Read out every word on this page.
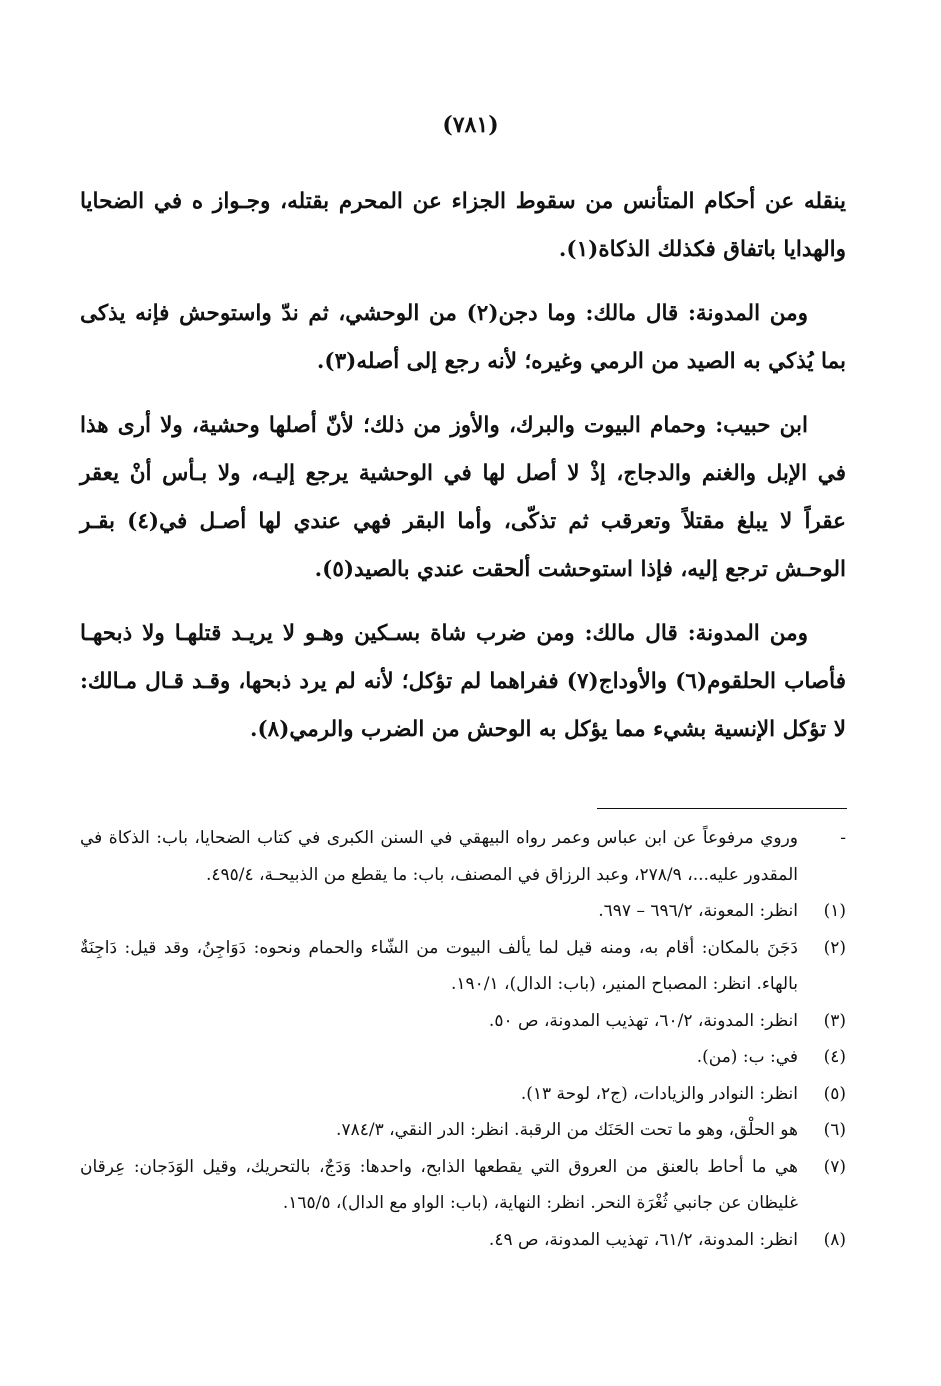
(٧٨١)

ينقله عن أحكام المتأنس من سقوط الجزاء عن المحرم بقتله، وجـواز ه في الضحايا والهدايا باتفاق فكذلك الذكاة(١).

ومن المدونة: قال مالك: وما دجن(٢) من الوحشي، ثم ندّ واستوحش فإنه يذكى بما يُذكي به الصيد من الرمي وغيره؛ لأنه رجع إلى أصله(٣).

ابن حبيب: وحمام البيوت والبرك، والأوز من ذلك؛ لأنّ أصلها وحشية، ولا أرى هذا في الإبل والغنم والدجاج، إذْ لا أصل لها في الوحشية يرجع إليـه، ولا بـأس أنْ يعقر عقراً لا يبلغ مقتلاً وتعرقب ثم تذكّى، وأما البقر فهي عندي لها أصـل في(٤) بقـر الوحـش ترجع إليه، فإذا استوحشت ألحقت عندي بالصيد(٥).

ومن المدونة: قال مالك: ومن ضرب شاة بسـكين وهـو لا يريـد قتلهـا ولا ذبحهـا فأصاب الحلقوم(٦) والأوداج(٧) ففراهما لم تؤكل؛ لأنه لم يرد ذبحها، وقـد قـال مـالك: لا تؤكل الإنسية بشيء مما يؤكل به الوحش من الضرب والرمي(٨).

-
وروي مرفوعاً عن ابن عباس وعمر رواه البيهقي في السنن الكبرى في كتاب الضحايا، باب: الذكاة في المقدور عليه...، ٢٧٨/٩، وعبد الرزاق في المصنف، باب: ما يقطع من الذبيحـة، ٤٩٥/٤.
(١)
انظر: المعونة، ٦٩٦/٢ – ٦٩٧.
(٢)
دَجَنَ بالمكان: أقام به، ومنه قيل لما يألف البيوت من الشّاء والحمام ونحوه: دَوَاجِنُ، وقد قيل: دَاجِنَةٌ بالهاء. انظر: المصباح المنير، (باب: الدال)، ١٩٠/١.
(٣)
انظر: المدونة، ٦٠/٢، تهذيب المدونة، ص ٥٠.
(٤)
في: ب: (من).
(٥)
انظر: النوادر والزيادات، (ج٢، لوحة ١٣).
(٦)
هو الحلْق، وهو ما تحت الحَنَك من الرقبة. انظر: الدر النقي، ٧٨٤/٣.
(٧)
هي ما أحاط بالعنق من العروق التي يقطعها الذابح، واحدها: وَدَجٌ، بالتحريك، وقيل الوَدَجان: عِرقان غليظان عن جانبي ثُغْرَة النحر. انظر: النهاية، (باب: الواو مع الدال)، ١٦٥/٥.
(٨)
انظر: المدونة، ٦١/٢، تهذيب المدونة، ص ٤٩.
